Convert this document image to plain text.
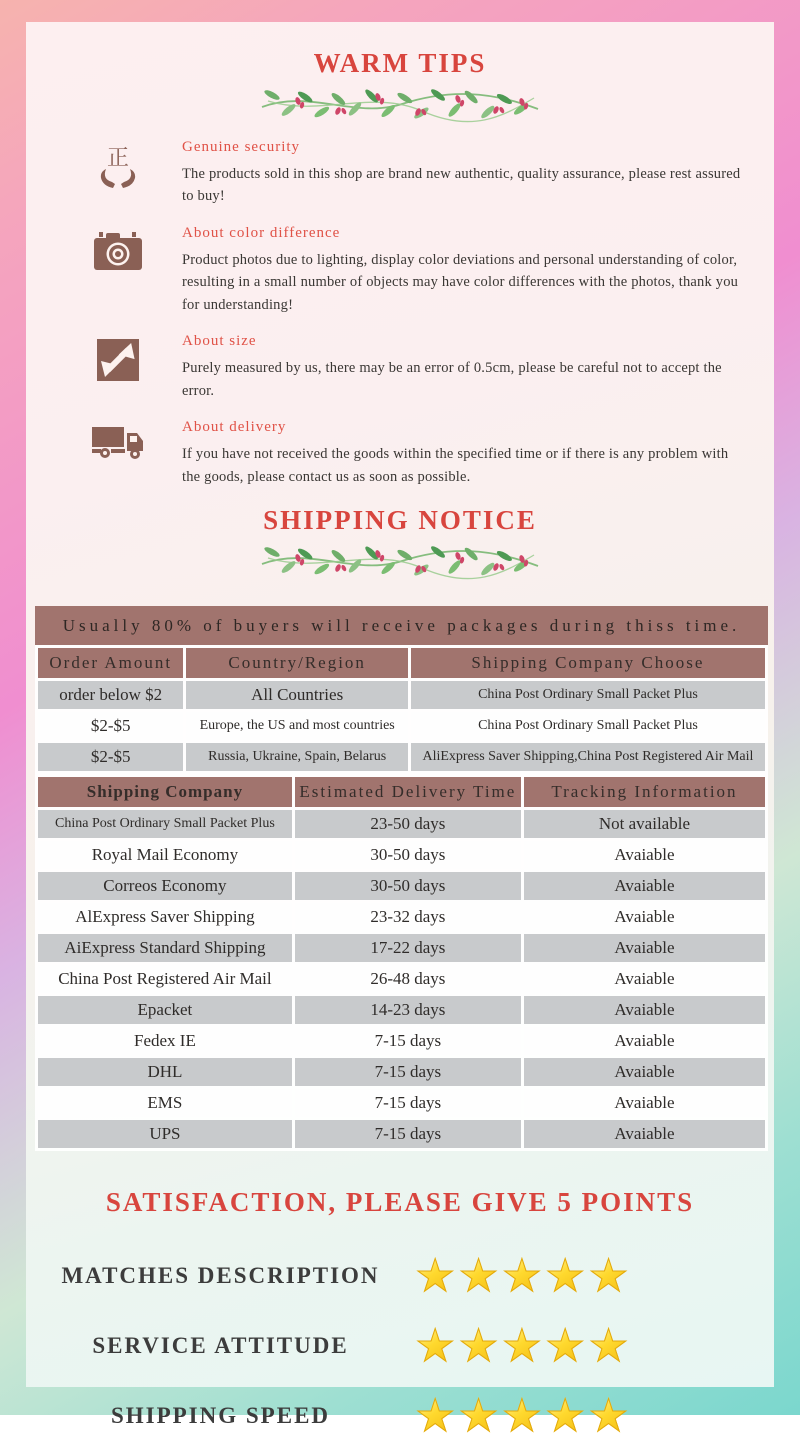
WARM TIPS
正	Genuine security

The products sold in this shop are brand new authentic, quality assurance, please rest assured to buy!

About color difference

Product photos due to lighting, display color deviations and personal understanding of color, resulting in a small number of objects may have color differences with the photos, thank you for understanding!

About size

Purely measured by us, there may be an error of 0.5cm, please be careful not to accept the error.

About delivery

If you have not received the goods within the specified time or if there is any problem with the goods, please contact us as soon as possible.

SHIPPING NOTICE
Usually 80% of buyers will receive packages during thiss time.
Order Amount	Country/Region	Shipping Company Choose
order below $2	All Countries	China Post Ordinary Small Packet Plus
$2-$5	Europe, the US and most countries	China Post Ordinary Small Packet Plus
$2-$5	Russia, Ukraine, Spain, Belarus	AliExpress Saver Shipping,China Post Registered Air Mail
Shipping Company	Estimated Delivery Time	Tracking Information
China Post Ordinary Small Packet Plus	23-50 days	Not available
Royal Mail Economy	30-50 days	Avaiable
Correos Economy	30-50 days	Avaiable
AlExpress Saver Shipping	23-32 days	Avaiable
AiExpress Standard Shipping	17-22 days	Avaiable
China Post Registered Air Mail	26-48 days	Avaiable
Epacket	14-23 days	Avaiable
Fedex IE	7-15 days	Avaiable
DHL	7-15 days	Avaiable
EMS	7-15 days	Avaiable
UPS	7-15 days	Avaiable
SATISFACTION, PLEASE GIVE 5 POINTS
MATCHES DESCRIPTION ★ ★ ★ ★ ★
SERVICE ATTITUDE	★ ★ ★ ★ ★
SHIPPING SPEED	★ ★ ★ ★ ★
